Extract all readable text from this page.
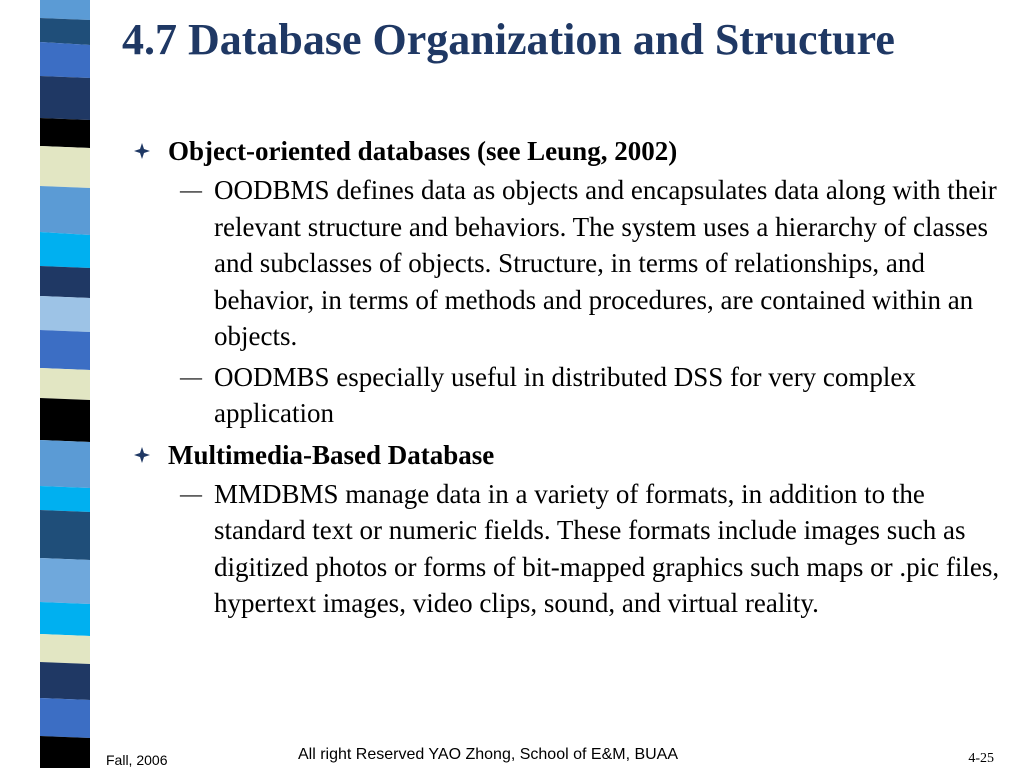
4.7 Database Organization and Structure
Object-oriented databases (see Leung, 2002)
— OODBMS defines data as objects and encapsulates data along with their relevant structure and behaviors. The system uses a hierarchy of classes and subclasses of objects. Structure, in terms of relationships, and behavior, in terms of methods and procedures, are contained within an objects.
— OODMBS especially useful in distributed DSS for very complex application
Multimedia-Based Database
— MMDBMS manage data in a variety of formats, in addition to the standard text or numeric fields. These formats include images such as digitized photos or forms of bit-mapped graphics such maps or .pic files, hypertext images, video clips, sound, and virtual reality.
Fall, 2006	All right Reserved YAO Zhong, School of E&M, BUAA	4-25
